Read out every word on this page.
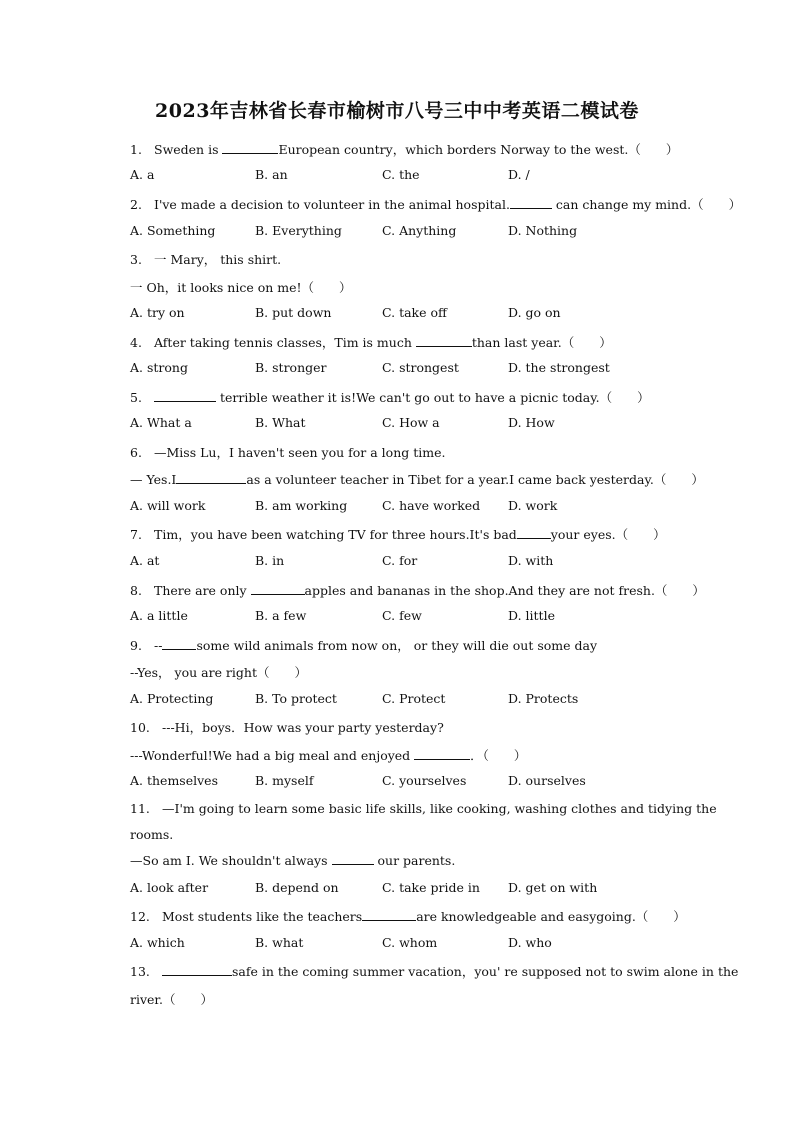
2023年吉林省长春市榆树市八号三中中考英语二模试卷
1. Sweden is	European country，which borders Norway to the west.（　　）
A. a	B. an	C. the	D. /
2. I've made a decision to volunteer in the animal hospital.	can change my mind.（　　）
A. Something	B. Everything	C. Anything	D. Nothing
3. 一 Mary， this shirt.
一 Oh，it looks nice on me!（　　）
A. try on	B. put down	C. take off	D. go on
4. After taking tennis classes，Tim is much	than last year.（　　）
A. strong	B. stronger	C. strongest	D. the strongest
5.	terrible weather it is!We can't go out to have a picnic today.（　　）
A. What a	B. What	C. How a	D. How
6. —Miss Lu，I haven't seen you for a long time.
— Yes.I	as a volunteer teacher in Tibet for a year.I came back yesterday.（　　）
A. will work	B. am working	C. have worked D. work
7. Tim，you have been watching TV for three hours.It's bad	your eyes.（　　）
A. at	B. in	C. for	D. with
8. There are only	apples and bananas in the shop.And they are not fresh.（　　）
A. a little	B. a few	C. few	D. little
9. --	some wild animals from now on， or they will die out some day
--Yes， you are right（　　）
A. Protecting	B. To protect	C. Protect	D. Protects
10. ---Hi，boys．How was your party yesterday?
---Wonderful!We had a big meal and enjoyed	．（　　）
A. themselves	B. myself	C. yourselves	D. ourselves
11. —I'm going to learn some basic life skills, like cooking, washing clothes and tidying the
rooms.
—So am I. We shouldn't always	our parents.
A. look after	B. depend on	C. take pride in D. get on with
12. Most students like the teachers	are knowledgeable and easygoing.（　　）
A. which	B. what	C. whom	D. who
13.	safe in the coming summer vacation，you' re supposed not to swim alone in the
river.（　　）
